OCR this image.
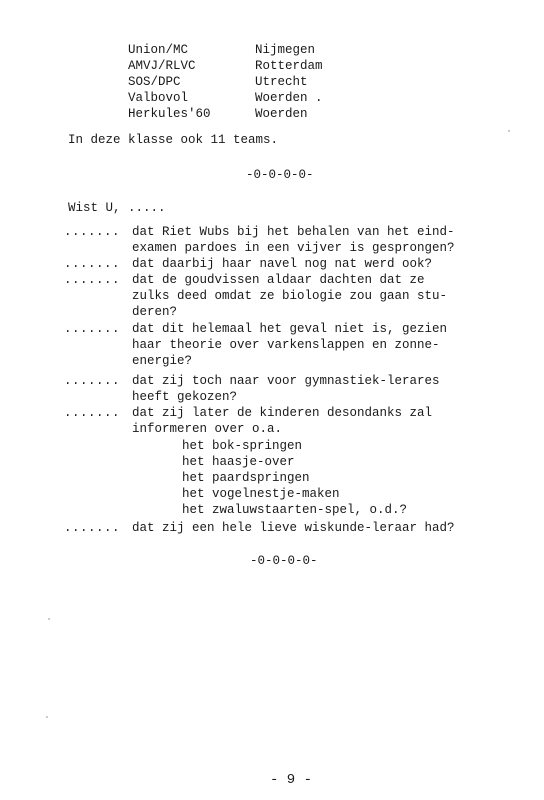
Union/MC	Nijmegen
AMVJ/RLVC	Rotterdam
SOS/DPC	Utrecht
Valbovol	Woerden .
Herkules'60	Woerden
In deze klasse ook 11 teams.
-0-0-0-0-
Wist U, .....
....... dat Riet Wubs bij het behalen van het eind-
examen pardoes in een vijver is gesprongen?
....... dat daarbij haar navel nog nat werd ook?
....... dat de goudvissen aldaar dachten dat ze
zulks deed omdat ze biologie zou gaan stu-
deren?
....... dat dit helemaal het geval niet is, gezien
haar theorie over varkenslappen en zonne-
energie?
....... dat zij toch naar voor gymnastiek-lerares
heeft gekozen?
....... dat zij later de kinderen desondanks zal
informeren over o.a.
het bok-springen
het haasje-over
het paardspringen
het vogelnestje-maken
het zwaluwstaarten-spel, o.d.?
....... dat zij een hele lieve wiskunde-leraar had?
-0-0-0-0-
- 9 -
